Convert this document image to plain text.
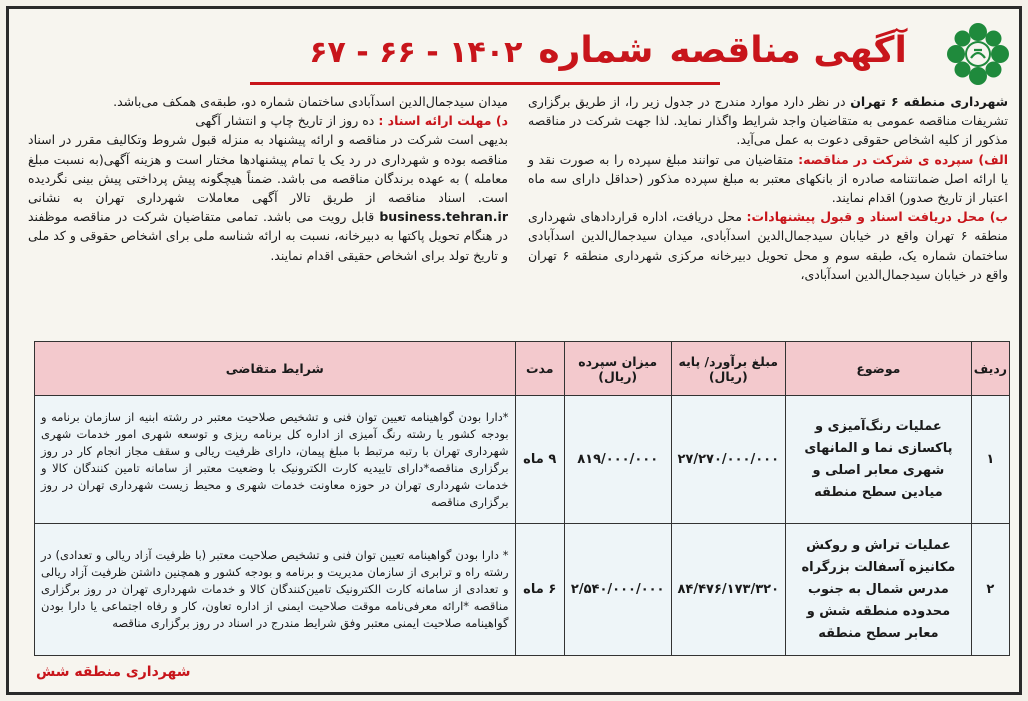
آگهی مناقصه
شماره
۶۷ - ۶۶ - ۱۴۰۲
شهرداری منطقه ۶ تهران در نظر دارد موارد مندرج در جدول زیر را، از طریق برگزاری تشریفات مناقصه عمومی به متقاضیان واجد شرایط واگذار نماید. لذا جهت شرکت در مناقصه مذکور از کلیه اشخاص حقوقی دعوت به عمل می‌آید.
الف) سپرده ی شرکت در مناقصه: متقاضیان می توانند مبلغ سپرده را به صورت نقد و یا ارائه اصل ضمانتنامه صادره از بانکهای معتبر به مبلغ سپرده مذکور (حداقل دارای سه ماه اعتبار از تاریخ صدور) اقدام نمایند.
ب) محل دریافت اسناد و قبول پیشنهادات: محل دریافت، اداره قراردادهای شهرداری منطقه ۶ تهران واقع در خیابان سیدجمال‌الدین اسدآبادی، میدان سیدجمال‌الدین اسدآبادی ساختمان شماره یک، طبقه سوم و محل تحویل دبیرخانه مرکزی شهرداری منطقه ۶ تهران واقع در خیابان سیدجمال‌الدین اسدآبادی،
میدان سیدجمال‌الدین اسدآبادی ساختمان شماره دو، طبقه‌ی همکف می‌باشد.
د) مهلت ارائه اسناد : ده روز از تاریخ چاپ و انتشار آگهی
بدیهی است شرکت در مناقصه و ارائه پیشنهاد به منزله قبول شروط وتکالیف مقرر در اسناد مناقصه بوده و شهرداری در رد یک یا تمام پیشنهادها مختار است و هزینه آگهی(به نسبت مبلغ معامله ) به عهده برندگان مناقصه می باشد. ضمناً هیچگونه پیش پرداختی پیش بینی نگردیده است. اسناد مناقصه از طریق تالار آگهی معاملات شهرداری تهران به نشانی business.tehran.ir قابل رویت می باشد. تمامی متقاضیان شرکت در مناقصه موظفند در هنگام تحویل پاکتها به دبیرخانه، نسبت به ارائه شناسه ملی برای اشخاص حقوقی و کد ملی و تاریخ تولد برای اشخاص حقیقی اقدام نمایند.
ردیف	موضوع	مبلغ برآورد/ پایه (ریال)	میزان سپرده (ریال)	مدت	شرایط متقاضی
۱	عملیات رنگ‌آمیزی و پاکسازی نما و المانهای شهری معابر اصلی و میادین سطح منطقه	۲۷/۲۷۰/۰۰۰/۰۰۰	۸۱۹/۰۰۰/۰۰۰	۹ ماه	*دارا بودن گواهینامه تعیین توان فنی و تشخیص صلاحیت معتبر در رشته ابنیه از سازمان برنامه و بودجه کشور یا رشته رنگ آمیزی از اداره کل برنامه ریزی و توسعه شهری امور خدمات شهری شهرداری تهران با رتبه مرتبط با مبلغ پیمان، دارای ظرفیت ریالی و سقف مجاز انجام کار در روز برگزاری مناقصه*دارای تاییدیه کارت الکترونیک با وضعیت معتبر از سامانه تامین کنندگان کالا و خدمات شهرداری تهران در حوزه معاونت خدمات شهری و محیط زیست شهرداری تهران در روز برگزاری مناقصه
۲	عملیات تراش و روکش مکانیزه آسفالت بزرگراه مدرس شمال به جنوب محدوده منطقه شش و معابر سطح منطقه	۸۴/۴۷۶/۱۷۳/۳۲۰	۲/۵۴۰/۰۰۰/۰۰۰	۶ ماه	* دارا بودن گواهینامه تعیین توان فنی و تشخیص صلاحیت معتبر (با ظرفیت آزاد ریالی و تعدادی) در رشته راه و ترابری از سازمان مدیریت و برنامه و بودجه کشور و همچنین داشتن ظرفیت آزاد ریالی و تعدادی از سامانه کارت الکترونیک تامین‌کنندگان کالا و خدمات شهرداری تهران در روز برگزاری مناقصه *ارائه معرفی‌نامه موقت صلاحیت ایمنی از اداره تعاون، کار و رفاه اجتماعی یا دارا بودن گواهینامه صلاحیت ایمنی معتبر وفق شرایط مندرج در اسناد در روز برگزاری مناقصه
شهرداری منطقه شش
